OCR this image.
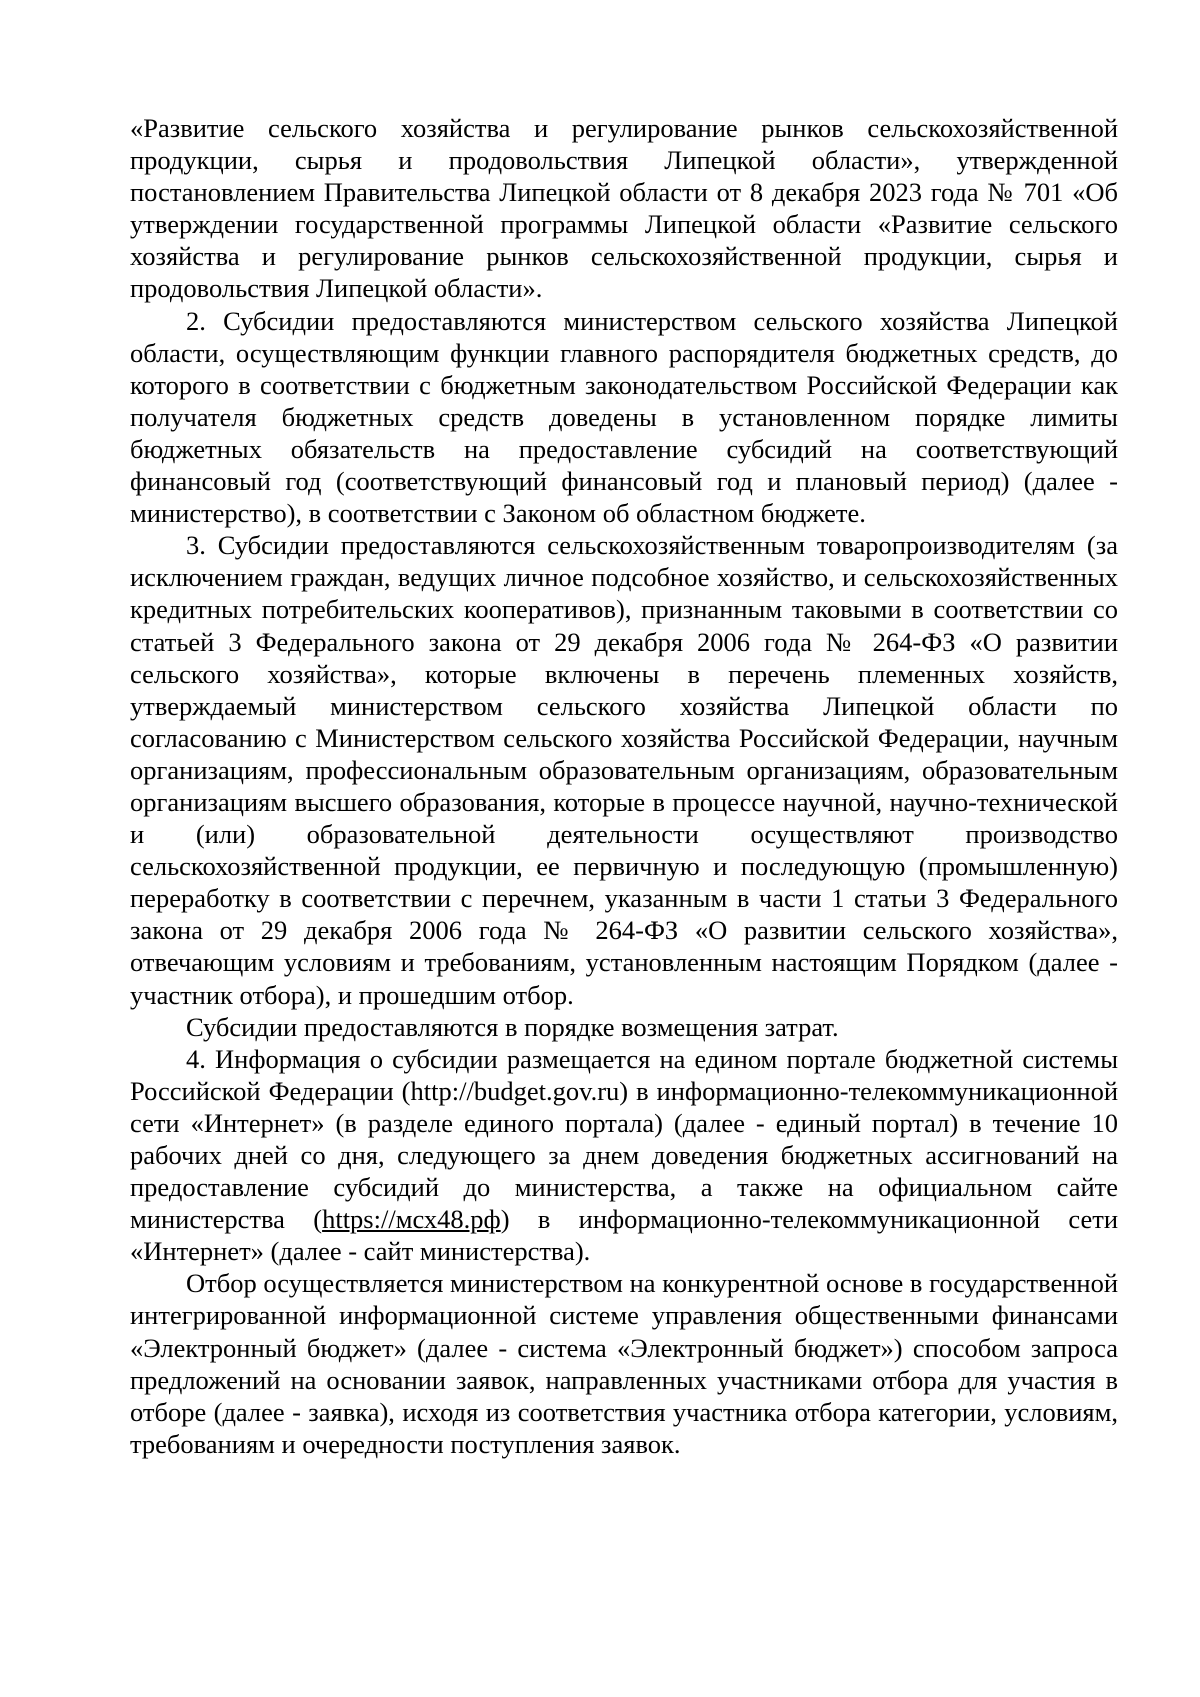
«Развитие сельского хозяйства и регулирование рынков сельскохозяйственной продукции, сырья и продовольствия Липецкой области», утвержденной постановлением Правительства Липецкой области от 8 декабря 2023 года № 701 «Об утверждении государственной программы Липецкой области «Развитие сельского хозяйства и регулирование рынков сельскохозяйственной продукции, сырья и продовольствия Липецкой области».

2. Субсидии предоставляются министерством сельского хозяйства Липецкой области, осуществляющим функции главного распорядителя бюджетных средств, до которого в соответствии с бюджетным законодательством Российской Федерации как получателя бюджетных средств доведены в установленном порядке лимиты бюджетных обязательств на предоставление субсидий на соответствующий финансовый год (соответствующий финансовый год и плановый период) (далее - министерство), в соответствии с Законом об областном бюджете.

3. Субсидии предоставляются сельскохозяйственным товаропроизводителям (за исключением граждан, ведущих личное подсобное хозяйство, и сельскохозяйственных кредитных потребительских кооперативов), признанным таковыми в соответствии со статьей 3 Федерального закона от 29 декабря 2006 года № 264-ФЗ «О развитии сельского хозяйства», которые включены в перечень племенных хозяйств, утверждаемый министерством сельского хозяйства Липецкой области по согласованию с Министерством сельского хозяйства Российской Федерации, научным организациям, профессиональным образовательным организациям, образовательным организациям высшего образования, которые в процессе научной, научно-технической и (или) образовательной деятельности осуществляют производство сельскохозяйственной продукции, ее первичную и последующую (промышленную) переработку в соответствии с перечнем, указанным в части 1 статьи 3 Федерального закона от 29 декабря 2006 года № 264-ФЗ «О развитии сельского хозяйства», отвечающим условиям и требованиям, установленным настоящим Порядком (далее - участник отбора), и прошедшим отбор.

Субсидии предоставляются в порядке возмещения затрат.

4. Информация о субсидии размещается на едином портале бюджетной системы Российской Федерации (http://budget.gov.ru) в информационно-телекоммуникационной сети «Интернет» (в разделе единого портала) (далее - единый портал) в течение 10 рабочих дней со дня, следующего за днем доведения бюджетных ассигнований на предоставление субсидий до министерства, а также на официальном сайте министерства (https://мсх48.рф) в информационно-телекоммуникационной сети «Интернет» (далее - сайт министерства).

Отбор осуществляется министерством на конкурентной основе в государственной интегрированной информационной системе управления общественными финансами «Электронный бюджет» (далее - система «Электронный бюджет») способом запроса предложений на основании заявок, направленных участниками отбора для участия в отборе (далее - заявка), исходя из соответствия участника отбора категории, условиям, требованиям и очередности поступления заявок.
